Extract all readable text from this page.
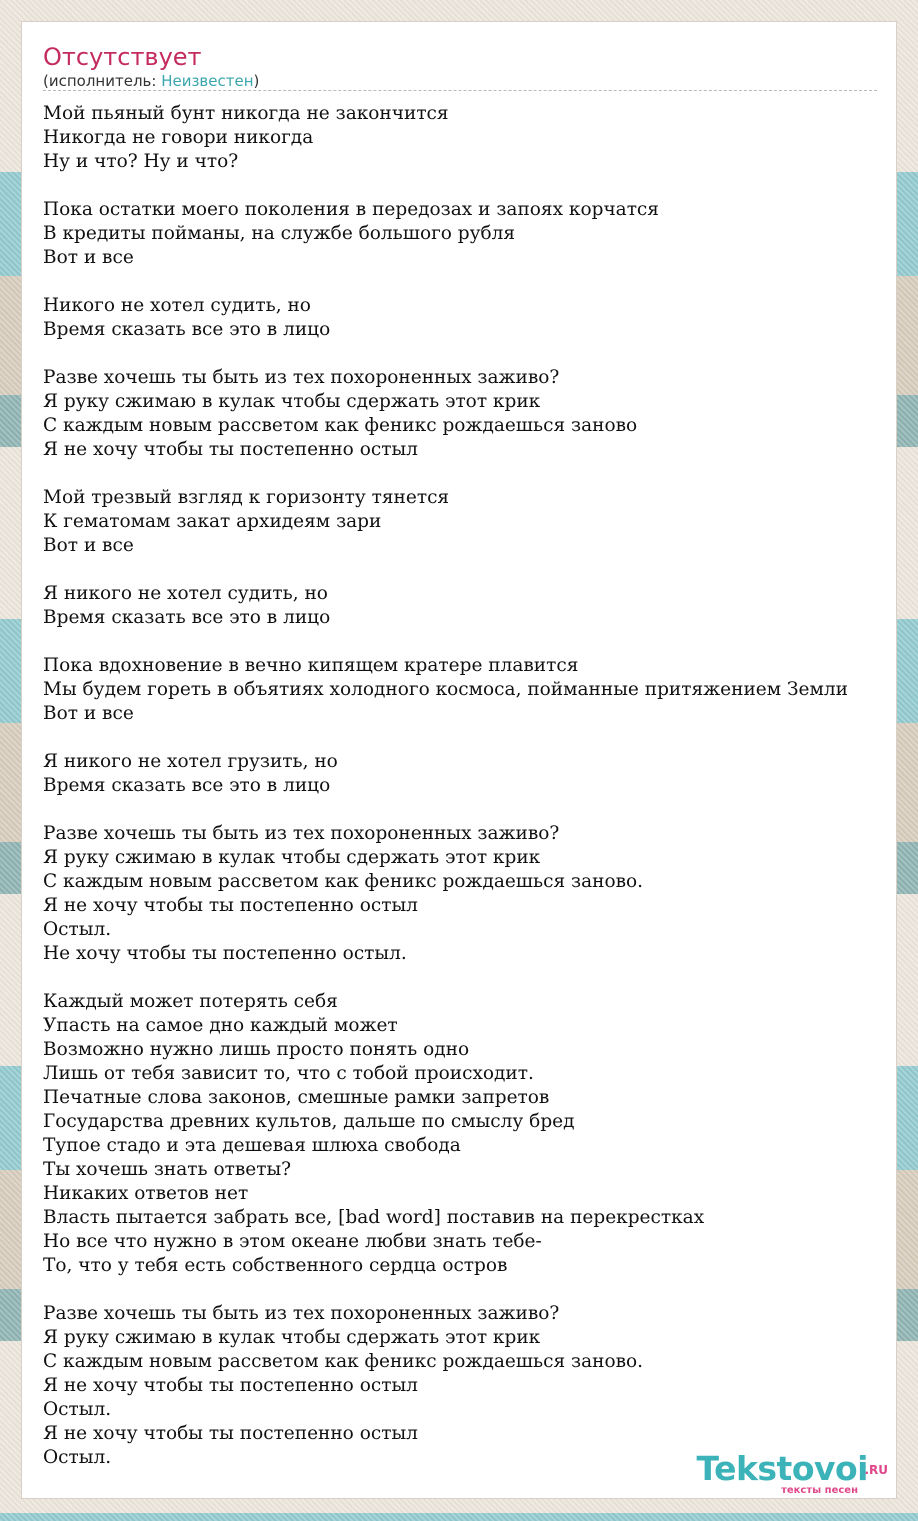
Отсутствует
(исполнитель: Неизвестен)
Мой пьяный бунт никогда не закончится
Никогда не говори никогда
Ну и что? Ну и что?
Пока остатки моего поколения в передозах и запоях корчатся
В кредиты пойманы, на службе большого рубля
Вот и все
Никого не хотел судить, но
Время сказать все это в лицо
Разве хочешь ты быть из тех похороненных заживо?
Я руку сжимаю в кулак чтобы сдержать этот крик
С каждым новым рассветом как феникс рождаешься заново
Я не хочу чтобы ты постепенно остыл
Мой трезвый взгляд к горизонту тянется
К гематомам закат архидеям зари
Вот и все
Я никого не хотел судить, но
Время сказать все это в лицо
Пока вдохновение в вечно кипящем кратере плавится
Мы будем гореть в объятиях холодного космоса, пойманные притяжением Земли
Вот и все
Я никого не хотел грузить, но
Время сказать все это в лицо
Разве хочешь ты быть из тех похороненных заживо?
Я руку сжимаю в кулак чтобы сдержать этот крик
С каждым новым рассветом как феникс рождаешься заново.
Я не хочу чтобы ты постепенно остыл
Остыл.
Не хочу чтобы ты постепенно остыл.
Каждый может потерять себя
Упасть на самое дно каждый может
Возможно нужно лишь просто понять одно
Лишь от тебя зависит то, что с тобой происходит.
Печатные слова законов, смешные рамки запретов
Государства древних культов, дальше по смыслу бред
Тупое стадо и эта дешевая шлюха свобода
Ты хочешь знать ответы?
Никаких ответов нет
Власть пытается забрать все, [bad word] поставив на перекрестках
Но все что нужно в этом океане любви знать тебе-
То, что у тебя есть собственного сердца остров
Разве хочешь ты быть из тех похороненных заживо?
Я руку сжимаю в кулак чтобы сдержать этот крик
С каждым новым рассветом как феникс рождаешься заново.
Я не хочу чтобы ты постепенно остыл
Остыл.
Я не хочу чтобы ты постепенно остыл
Остыл.	Tekstovoi
.RU
тексты песен
